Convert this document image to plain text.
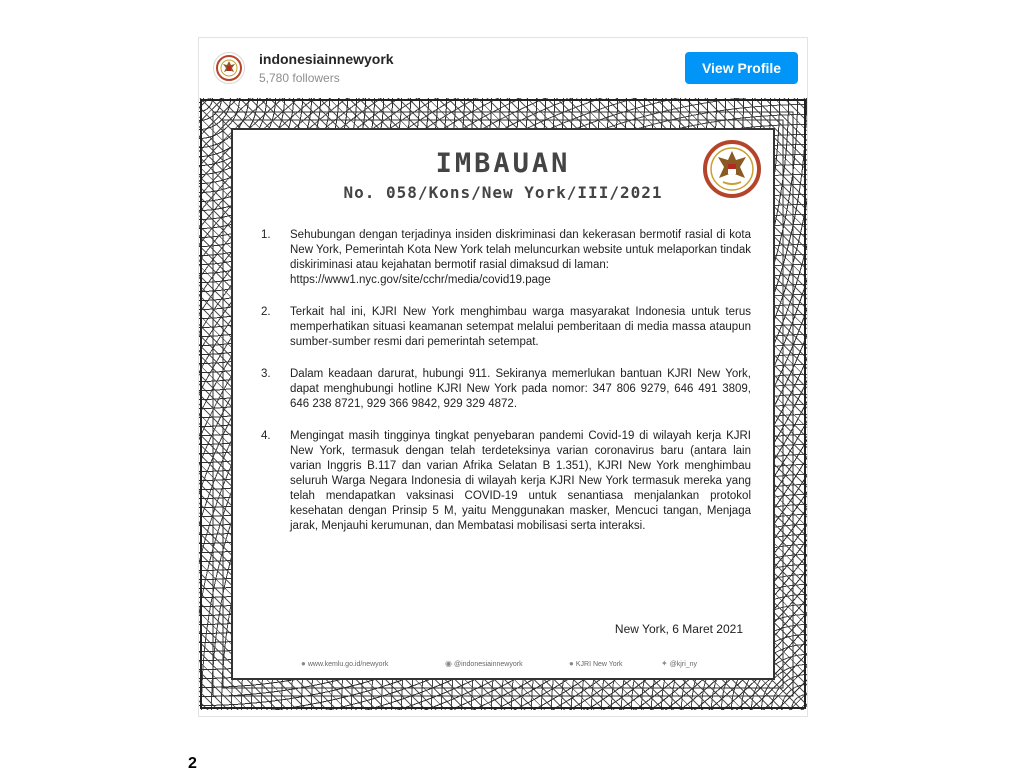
indonesiainnewyork
5,780 followers
View Profile
IMBAUAN
No. 058/Kons/New York/III/2021
1. Sehubungan dengan terjadinya insiden diskriminasi dan kekerasan bermotif rasial di kota New York, Pemerintah Kota New York telah meluncurkan website untuk melaporkan tindak diskiriminasi atau kejahatan bermotif rasial dimaksud di laman:
https://www1.nyc.gov/site/cchr/media/covid19.page
2. Terkait hal ini, KJRI New York menghimbau warga masyarakat Indonesia untuk terus memperhatikan situasi keamanan setempat melalui pemberitaan di media massa ataupun sumber-sumber resmi dari pemerintah setempat.
3. Dalam keadaan darurat, hubungi 911. Sekiranya memerlukan bantuan KJRI New York, dapat menghubungi hotline KJRI New York pada nomor: 347 806 9279, 646 491 3809, 646 238 8721, 929 366 9842, 929 329 4872.
4. Mengingat masih tingginya tingkat penyebaran pandemi Covid-19 di wilayah kerja KJRI New York, termasuk dengan telah terdeteksinya varian coronavirus baru (antara lain varian Inggris B.117 dan varian Afrika Selatan B 1.351), KJRI New York menghimbau seluruh Warga Negara Indonesia di wilayah kerja KJRI New York termasuk mereka yang telah mendapatkan vaksinasi COVID-19 untuk senantiasa menjalankan protokol kesehatan dengan Prinsip 5 M, yaitu Menggunakan masker, Mencuci tangan, Menjaga jarak, Menjauhi kerumunan, dan Membatasi mobilisasi serta interaksi.
New York, 6 Maret 2021
● www.kemlu.go.id/newyork	◉ @indonesiainnewyork	● KJRI New York	✦ @kjri_ny
2
